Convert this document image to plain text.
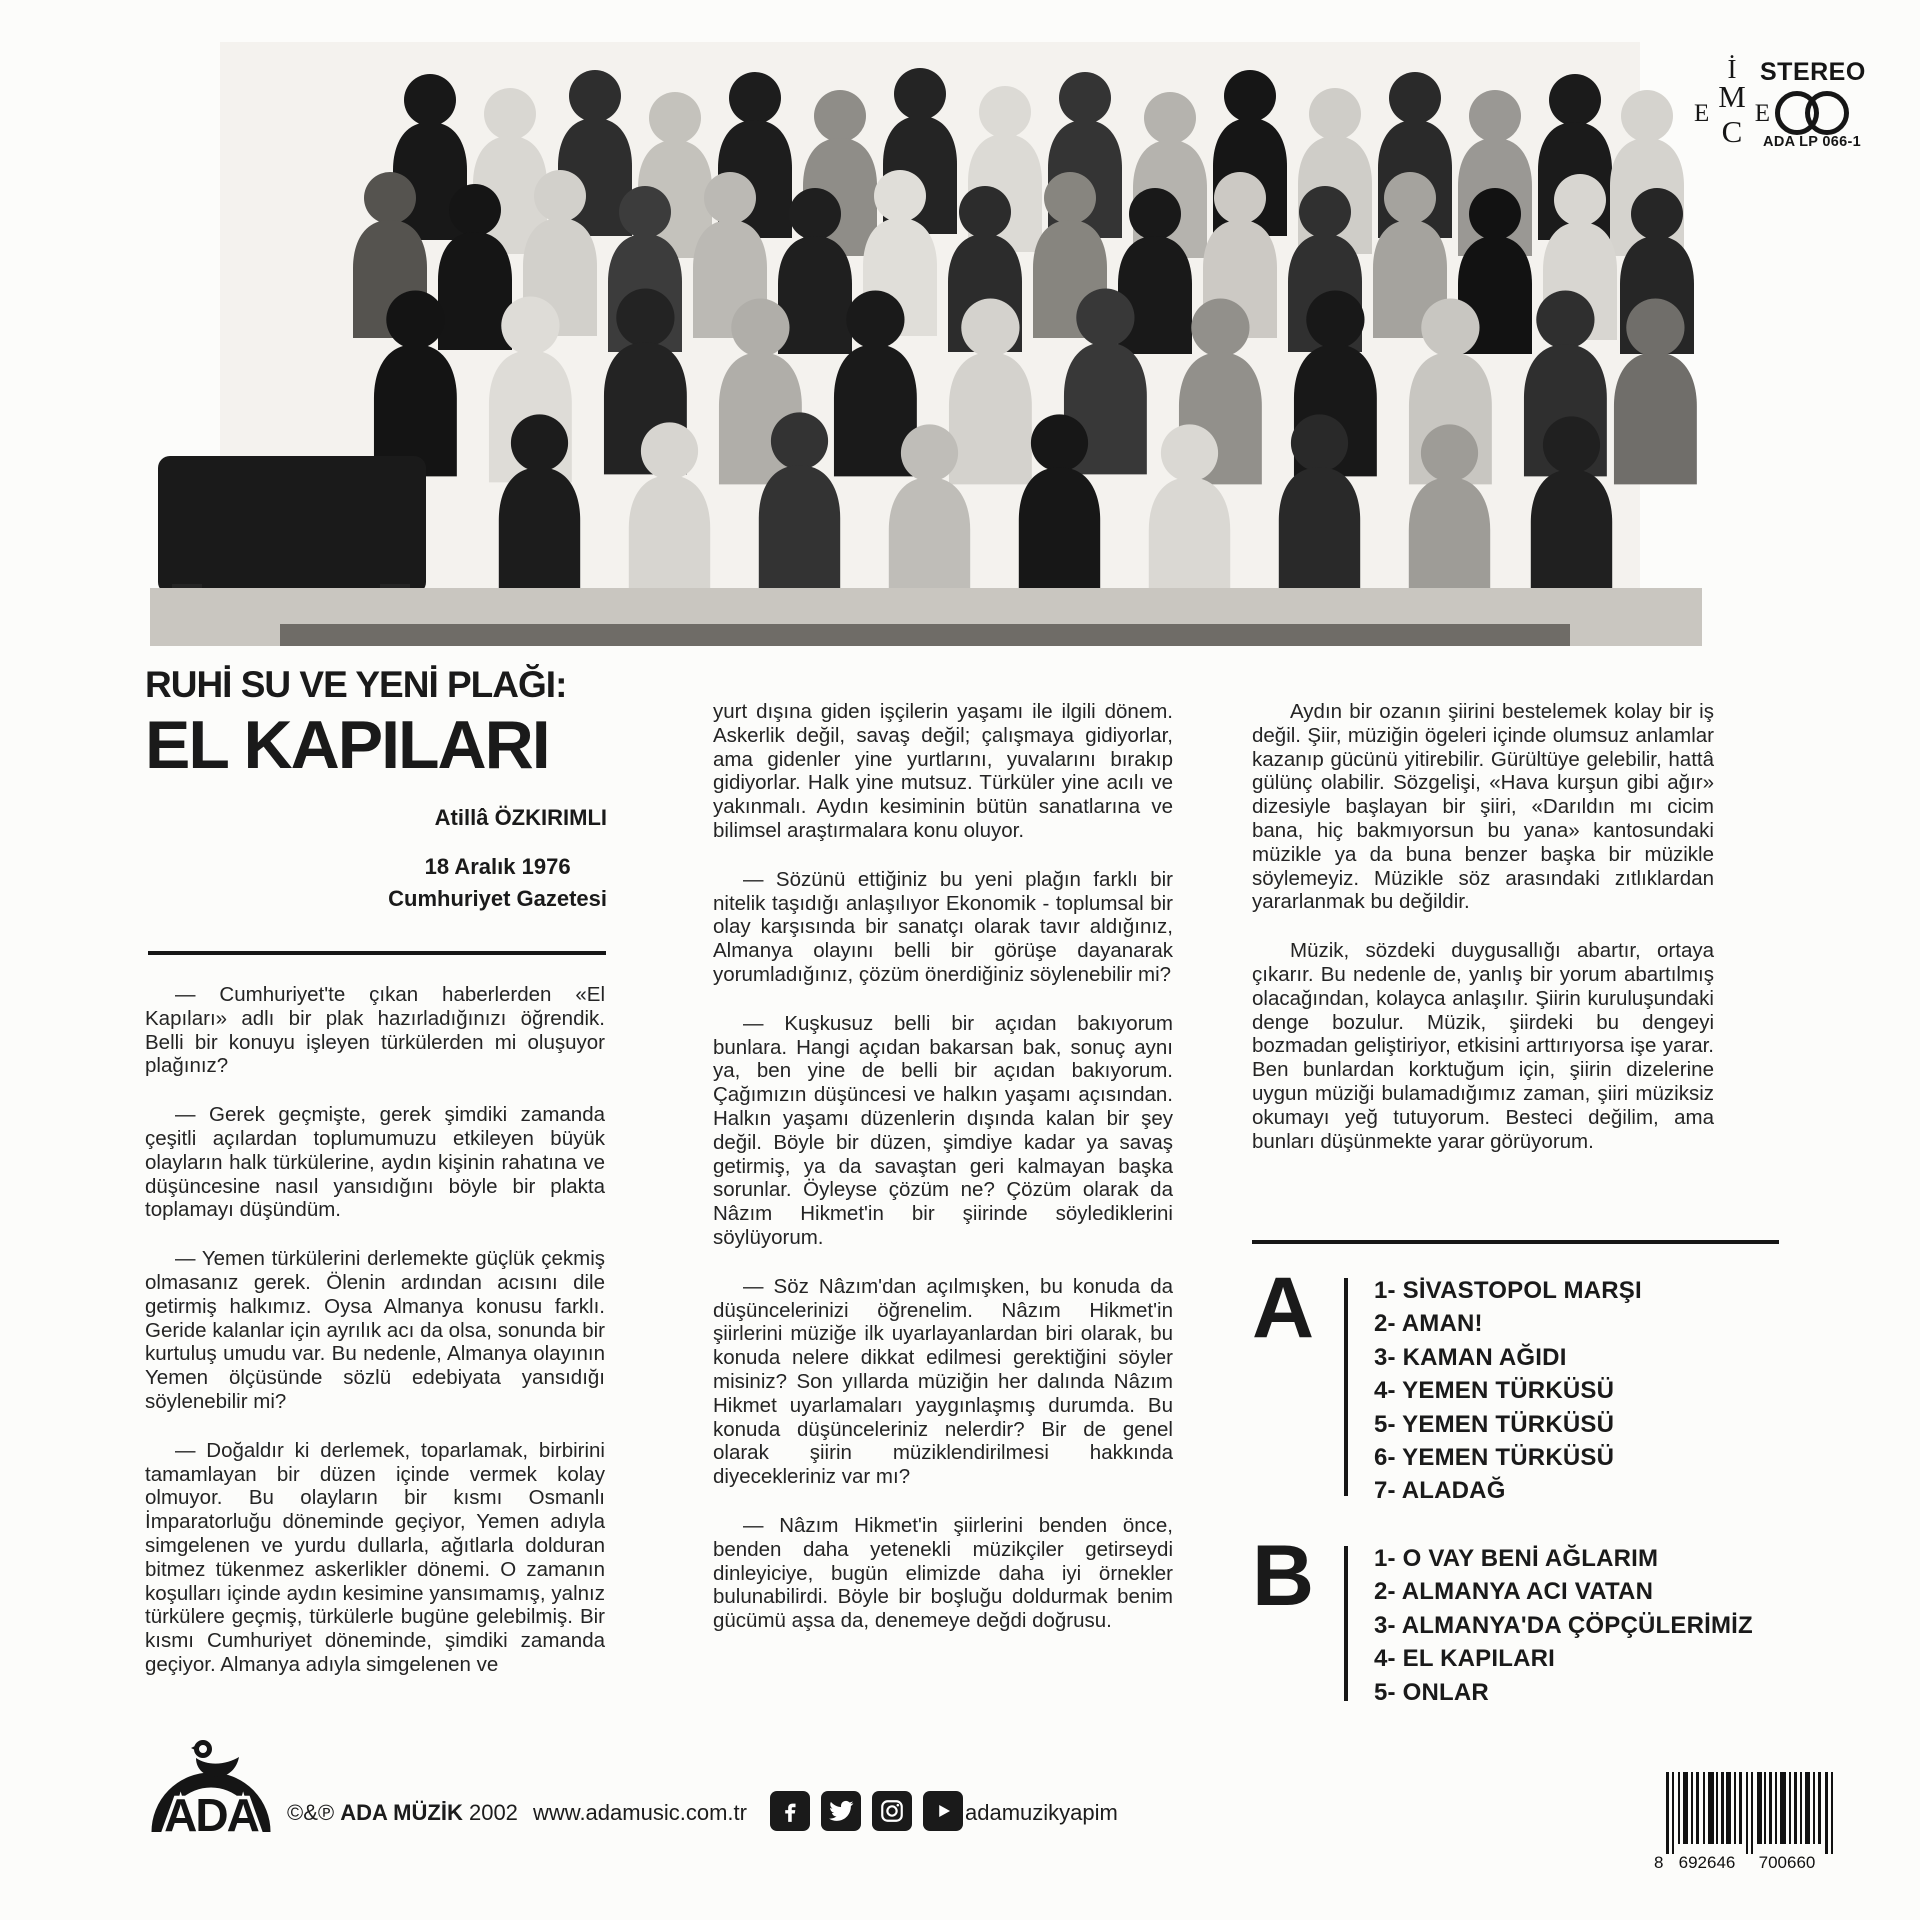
İ
M
E
C
E
STEREO
ADA LP 066-1
RUHİ SU VE YENİ PLAĞI:
EL KAPILARI
Atillâ ÖZKIRIMLI
18 Aralık 1976
Cumhuriyet Gazetesi

— Cumhuriyet'te çıkan haberlerden «El Kapıları» adlı bir plak hazırladığınızı öğrendik. Belli bir konuyu işleyen türkülerden mi oluşuyor plağınız?

— Gerek geçmişte, gerek şimdiki zamanda çeşitli açılardan toplumumuzu etkileyen büyük olayların halk türkülerine, aydın kişinin rahatına ve düşüncesine nasıl yansıdığını böyle bir plakta toplamayı düşündüm.

— Yemen türkülerini derlemekte güçlük çekmiş olmasanız gerek. Ölenin ardından acısını dile getirmiş halkımız. Oysa Almanya konusu farklı. Geride kalanlar için ayrılık acı da olsa, sonunda bir kurtuluş umudu var. Bu nedenle, Almanya olayının Yemen ölçüsünde sözlü edebiyata yansıdığı söylenebilir mi?

— Doğaldır ki derlemek, toparlamak, birbirini tamamlayan bir düzen içinde vermek kolay olmuyor. Bu olayların bir kısmı Osmanlı İmparatorluğu döneminde geçiyor, Yemen adıyla simgelenen ve yurdu dullarla, ağıtlarla dolduran bitmez tükenmez askerlikler dönemi. O zamanın koşulları içinde aydın kesimine yansımamış, yalnız türkülere geçmiş, türkülerle bugüne gelebilmiş. Bir kısmı Cumhuriyet döneminde, şimdiki zamanda geçiyor. Almanya adıyla simgelenen ve

yurt dışına giden işçilerin yaşamı ile ilgili dönem. Askerlik değil, savaş değil; çalışmaya gidiyorlar, ama gidenler yine yurtlarını, yuvalarını bırakıp gidiyorlar. Halk yine mutsuz. Türküler yine acılı ve yakınmalı. Aydın kesiminin bütün sanatlarına ve bilimsel araştırmalara konu oluyor.

— Sözünü ettiğiniz bu yeni plağın farklı bir nitelik taşıdığı anlaşılıyor Ekonomik - toplumsal bir olay karşısında bir sanatçı olarak tavır aldığınız, Almanya olayını belli bir görüşe dayanarak yorumladığınız, çözüm önerdiğiniz söylenebilir mi?

— Kuşkusuz belli bir açıdan bakıyorum bunlara. Hangi açıdan bakarsan bak, sonuç aynı ya, ben yine de belli bir açıdan bakıyorum. Çağımızın düşüncesi ve halkın yaşamı açısından. Halkın yaşamı düzenlerin dışında kalan bir şey değil. Böyle bir düzen, şimdiye kadar ya savaş getirmiş, ya da savaştan geri kalmayan başka sorunlar. Öyleyse çözüm ne? Çözüm olarak da Nâzım Hikmet'in bir şiirinde söylediklerini söylüyorum.

— Söz Nâzım'dan açılmışken, bu konuda da düşüncelerinizi öğrenelim. Nâzım Hikmet'in şiirlerini müziğe ilk uyarlayanlardan biri olarak, bu konuda nelere dikkat edilmesi gerektiğini söyler misiniz? Son yıllarda müziğin her dalında Nâzım Hikmet uyarlamaları yaygınlaşmış durumda. Bu konuda düşünceleriniz nelerdir? Bir de genel olarak şiirin müziklendirilmesi hakkında diyecekleriniz var mı?

— Nâzım Hikmet'in şiirlerini benden önce, benden daha yetenekli müzikçiler getirseydi dinleyiciye, bugün elimizde daha iyi örnekler bulunabilirdi. Böyle bir boşluğu doldurmak benim gücümü aşsa da, denemeye değdi doğrusu.

Aydın bir ozanın şiirini bestelemek kolay bir iş değil. Şiir, müziğin ögeleri içinde olumsuz anlamlar kazanıp gücünü yitirebilir. Gürültüye gelebilir, hattâ gülünç olabilir. Sözgelişi, «Hava kurşun gibi ağır» dizesiyle başlayan bir şiiri, «Darıldın mı cicim bana, hiç bakmıyorsun bu yana» kantosundaki müzikle ya da buna benzer başka bir müzikle söylemeyiz. Müzikle söz arasındaki zıtlıklardan yararlanmak bu değildir.

Müzik, sözdeki duygusallığı abartır, ortaya çıkarır. Bu nedenle de, yanlış bir yorum abartılmış olacağından, kolayca anlaşılır. Şiirin kuruluşundaki denge bozulur. Müzik, şiirdeki bu dengeyi bozmadan geliştiriyor, etkisini arttırıyorsa işe yarar. Ben bunlardan korktuğum için, şiirin dizelerine uygun müziği bulamadığımız zaman, şiiri müziksiz okumayı yeğ tutuyorum. Besteci değilim, ama bunları düşünmekte yarar görüyorum.

A	1- SİVASTOPOL MARŞI
2- AMAN!
3- KAMAN AĞIDI
4- YEMEN TÜRKÜSÜ
5- YEMEN TÜRKÜSÜ
6- YEMEN TÜRKÜSÜ
7- ALADAĞ
B	1- O VAY BENİ AĞLARIM
2- ALMANYA ACI VATAN
3- ALMANYA'DA ÇÖPÇÜLERİMİZ
4- EL KAPILARI
5- ONLAR
ADA ©&℗ ADA MÜZİK 2002 www.adamusic.com.tr	adamuzikyapim
8 692646 700660
